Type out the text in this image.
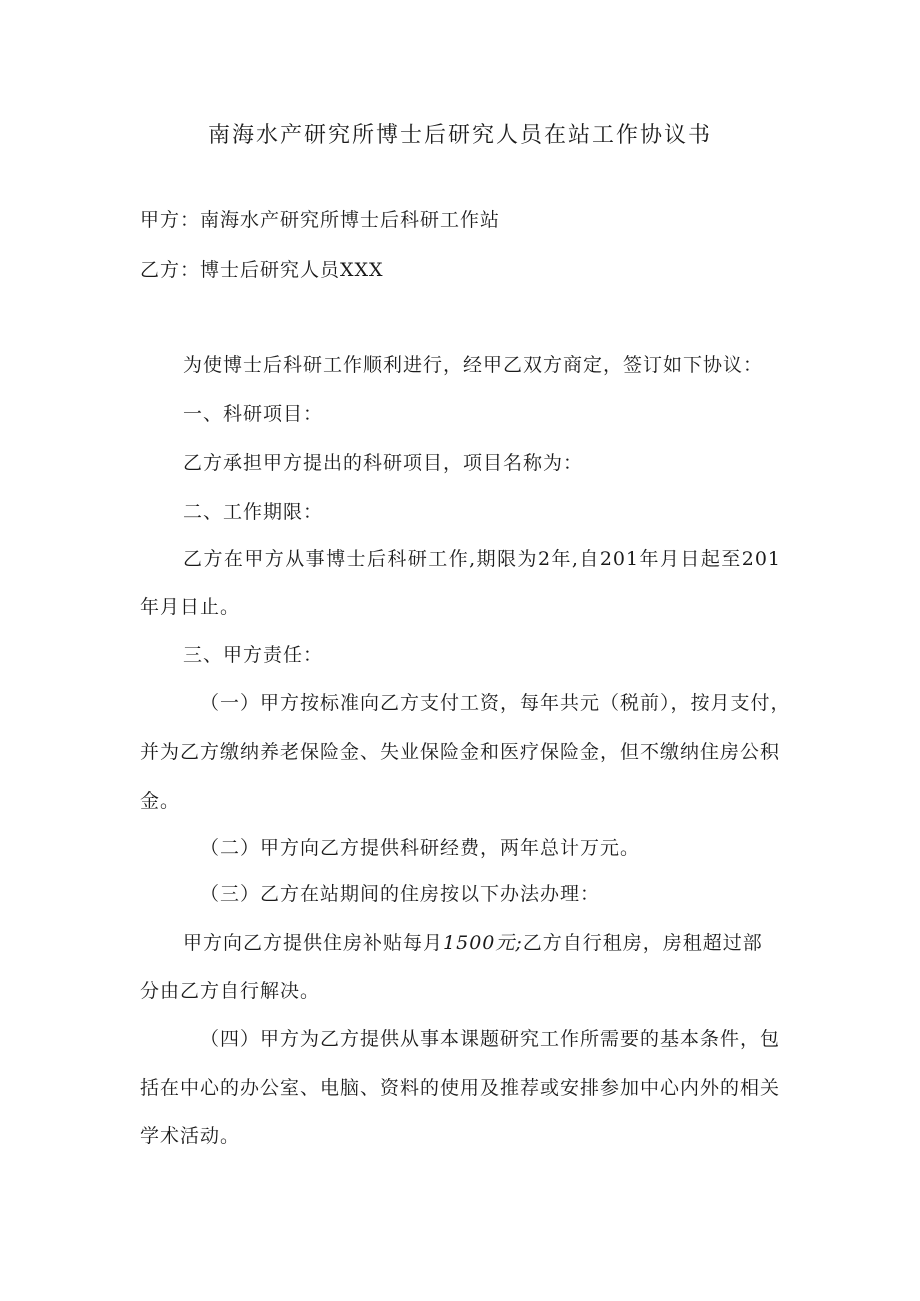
南海水产研究所博士后研究人员在站工作协议书
甲方：南海水产研究所博士后科研工作站
乙方：博士后研究人员XXX
为使博士后科研工作顺利进行，经甲乙双方商定，签订如下协议：
一、科研项目：
乙方承担甲方提出的科研项目，项目名称为：
二、工作期限：
乙方在甲方从事博士后科研工作,期限为2年,自201年月日起至201
年月日止。
三、甲方责任：
（一）甲方按标准向乙方支付工资，每年共元（税前），按月支付，
并为乙方缴纳养老保险金、失业保险金和医疗保险金，但不缴纳住房公积
金。
（二）甲方向乙方提供科研经费，两年总计万元。
（三）乙方在站期间的住房按以下办法办理：
甲方向乙方提供住房补贴每月1500元;乙方自行租房，房租超过部
分由乙方自行解决。
（四）甲方为乙方提供从事本课题研究工作所需要的基本条件，包
括在中心的办公室、电脑、资料的使用及推荐或安排参加中心内外的相关
学术活动。
